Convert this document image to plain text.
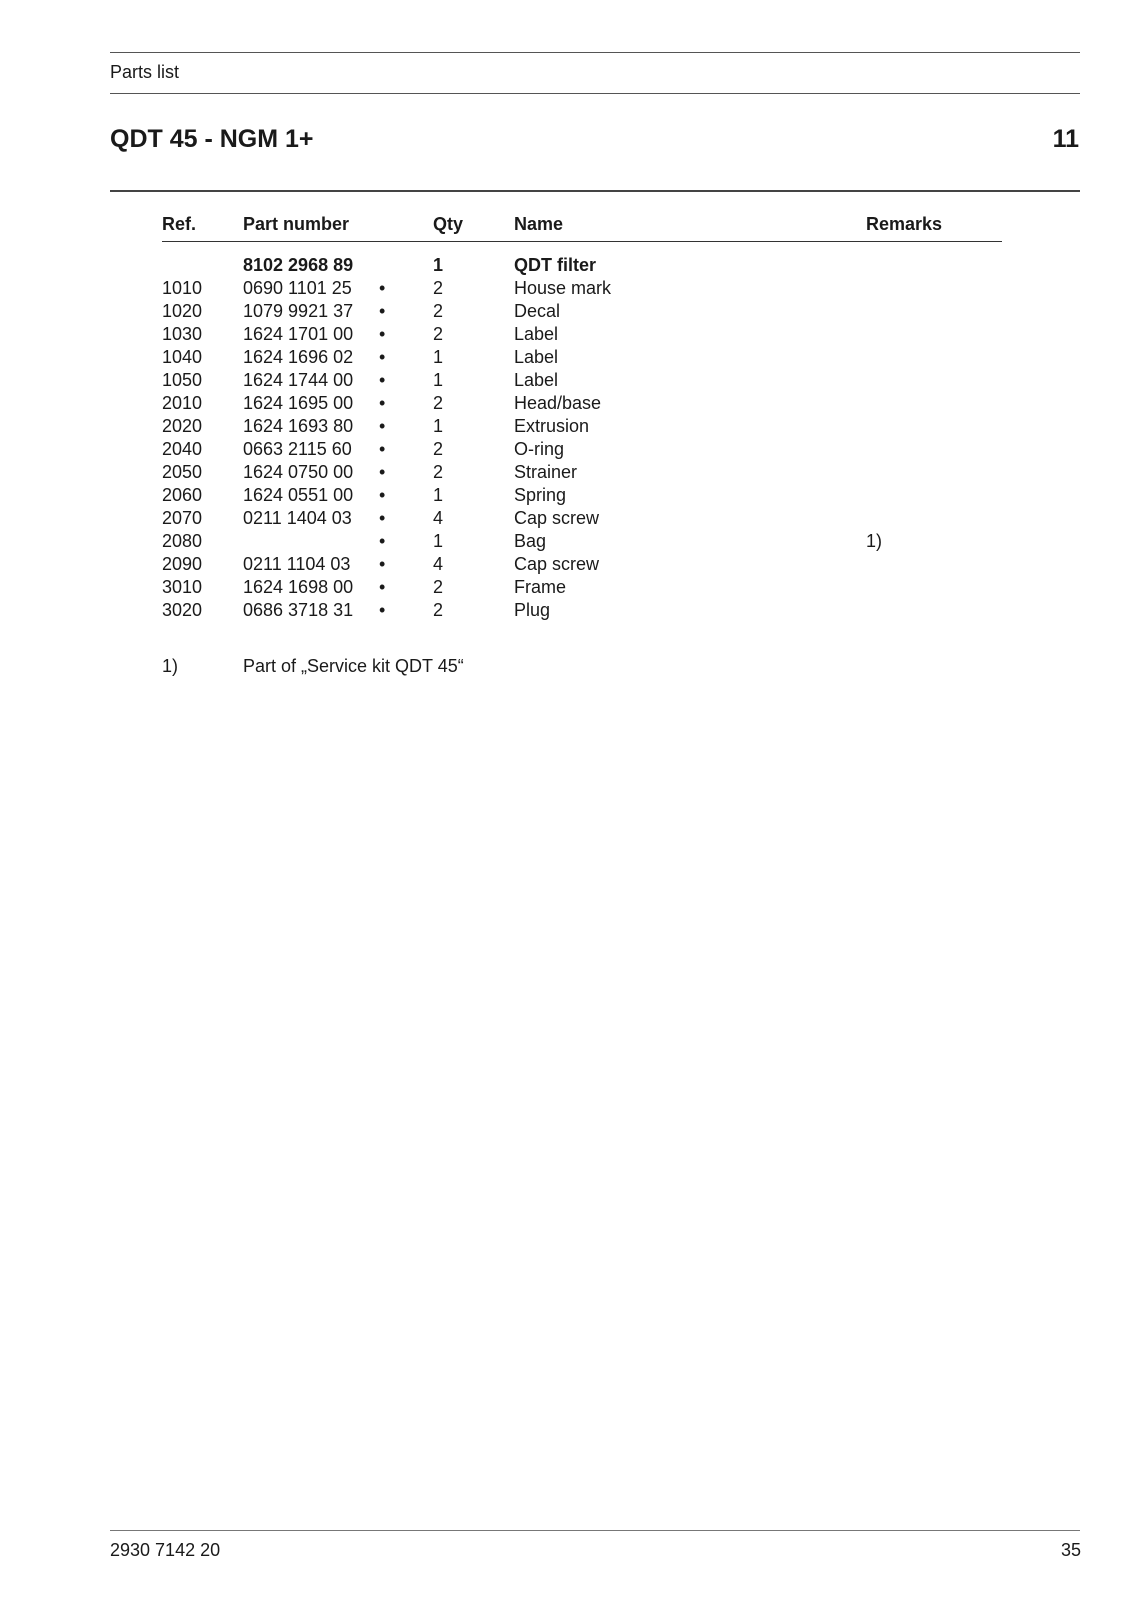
Parts list
QDT 45 - NGM 1+	11
Ref.	Part number		Qty	Name	Remarks

	8102 2968 89		1	QDT filter	
1010	0690 1101 25	•	2	House mark	
1020	1079 9921 37	•	2	Decal	
1030	1624 1701 00	•	2	Label	
1040	1624 1696 02	•	1	Label	
1050	1624 1744 00	•	1	Label	
2010	1624 1695 00	•	2	Head/base	
2020	1624 1693 80	•	1	Extrusion	
2040	0663 2115 60	•	2	O-ring	
2050	1624 0750 00	•	2	Strainer	
2060	1624 0551 00	•	1	Spring	
2070	0211 1404 03	•	4	Cap screw	
2080		•	1	Bag	1)
2090	0211 1104 03	•	4	Cap screw	
3010	1624 1698 00	•	2	Frame	
3020	0686 3718 31	•	2	Plug	
1)	Part of „Service kit QDT 45“
2930 7142 20	35
